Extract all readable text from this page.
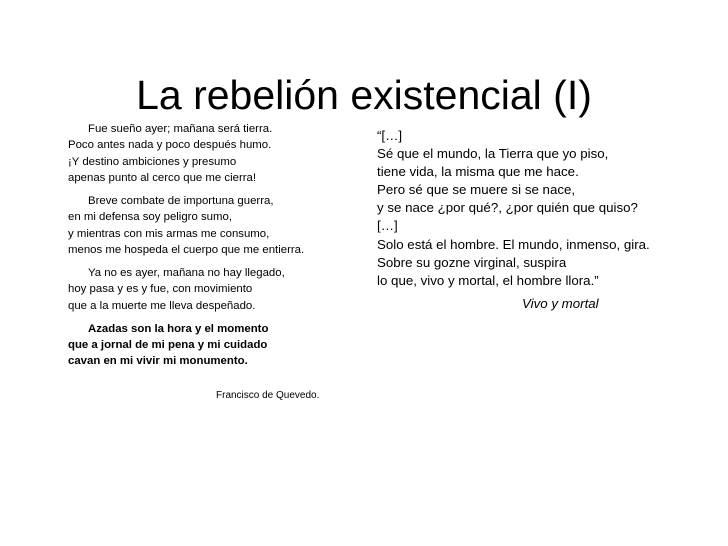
La rebelión existencial (I)
Fue sueño ayer; mañana será tierra.
Poco antes nada y poco después humo.
¡Y destino ambiciones y presumo
apenas punto al cerco que me cierra!
Breve combate de importuna guerra,
en mi defensa soy peligro sumo,
y mientras con mis armas me consumo,
menos me hospeda el cuerpo que me entierra.
Ya no es ayer, mañana no hay llegado,
hoy pasa y es y fue, con movimiento
que a la muerte me lleva despeñado.
Azadas son la hora y el momento
que a jornal de mi pena y mi cuidado
cavan en mi vivir mi monumento.
Francisco de Quevedo.
“[…]
Sé que el mundo, la Tierra que yo piso,
tiene vida, la misma que me hace.
Pero sé que se muere si se nace,
y se nace ¿por qué?, ¿por quién que quiso?
[…]
Solo está el hombre. El mundo, inmenso, gira.
Sobre su gozne virginal, suspira
lo que, vivo y mortal, el hombre llora.”
Vivo y mortal
